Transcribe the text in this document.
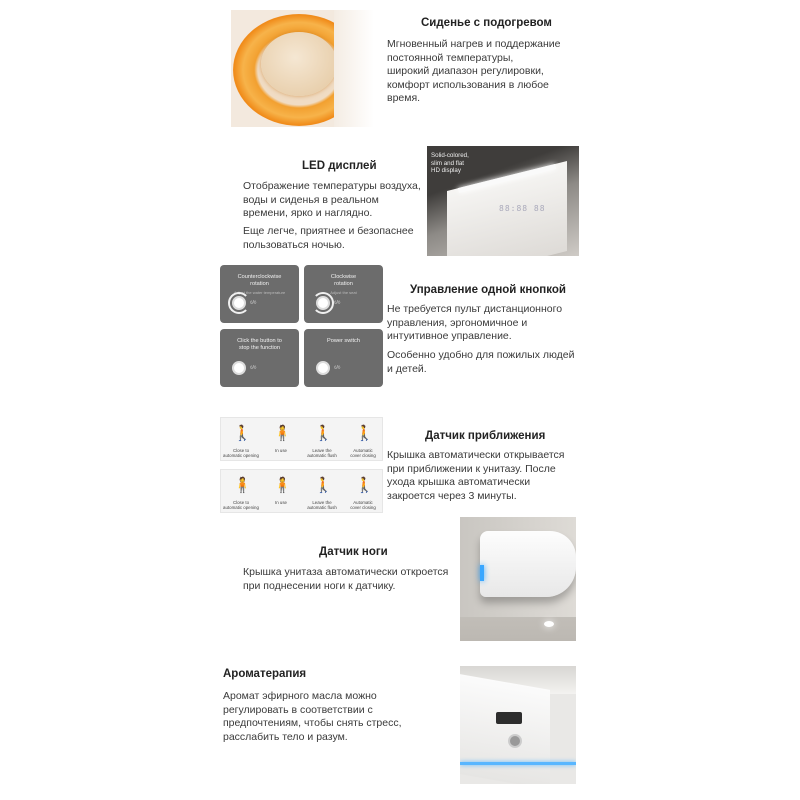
Сиденье с подогревом
Мгновенный нагрев и поддержание
постоянной температуры,
широкий диапазон регулировки,
комфорт использования в любое
время.
LED дисплей
Отображение температуры воздуха,
воды и сиденья в реальном
времени, ярко и наглядно.
Еще легче, приятнее и безопаснее
пользоваться ночью.
88:88 88
Solid-colored,
slim and flat
HD display
Counterclockwise
rotation
Adjust the water temperature
◊/◊
Clockwise
rotation
Adjust the seat
◊/◊
Click the button to
stop the function
◊/◊
Power switch
◊/◊
Управление одной кнопкой
Не требуется пульт дистанционного
управления, эргономичное и
интуитивное управление.
Особенно удобно для пожилых людей
и детей.
🚶
Close to
automatic opening
🧍
In use
🚶
Leave the
automatic flush
🚶
Automatic
cover closing
🧍
Close to
automatic opening
🧍
In use
🚶
Leave the
automatic flush
🚶
Automatic
cover closing
Датчик приближения
Крышка автоматически открывается
при приближении к унитазу. После
ухода крышка автоматически
закроется через 3 минуты.
Датчик ноги
Крышка унитаза автоматически откроется
при поднесении ноги к датчику.
Ароматерапия
Аромат эфирного масла можно
регулировать в соответствии с
предпочтениям, чтобы снять стресс,
расслабить тело и разум.
